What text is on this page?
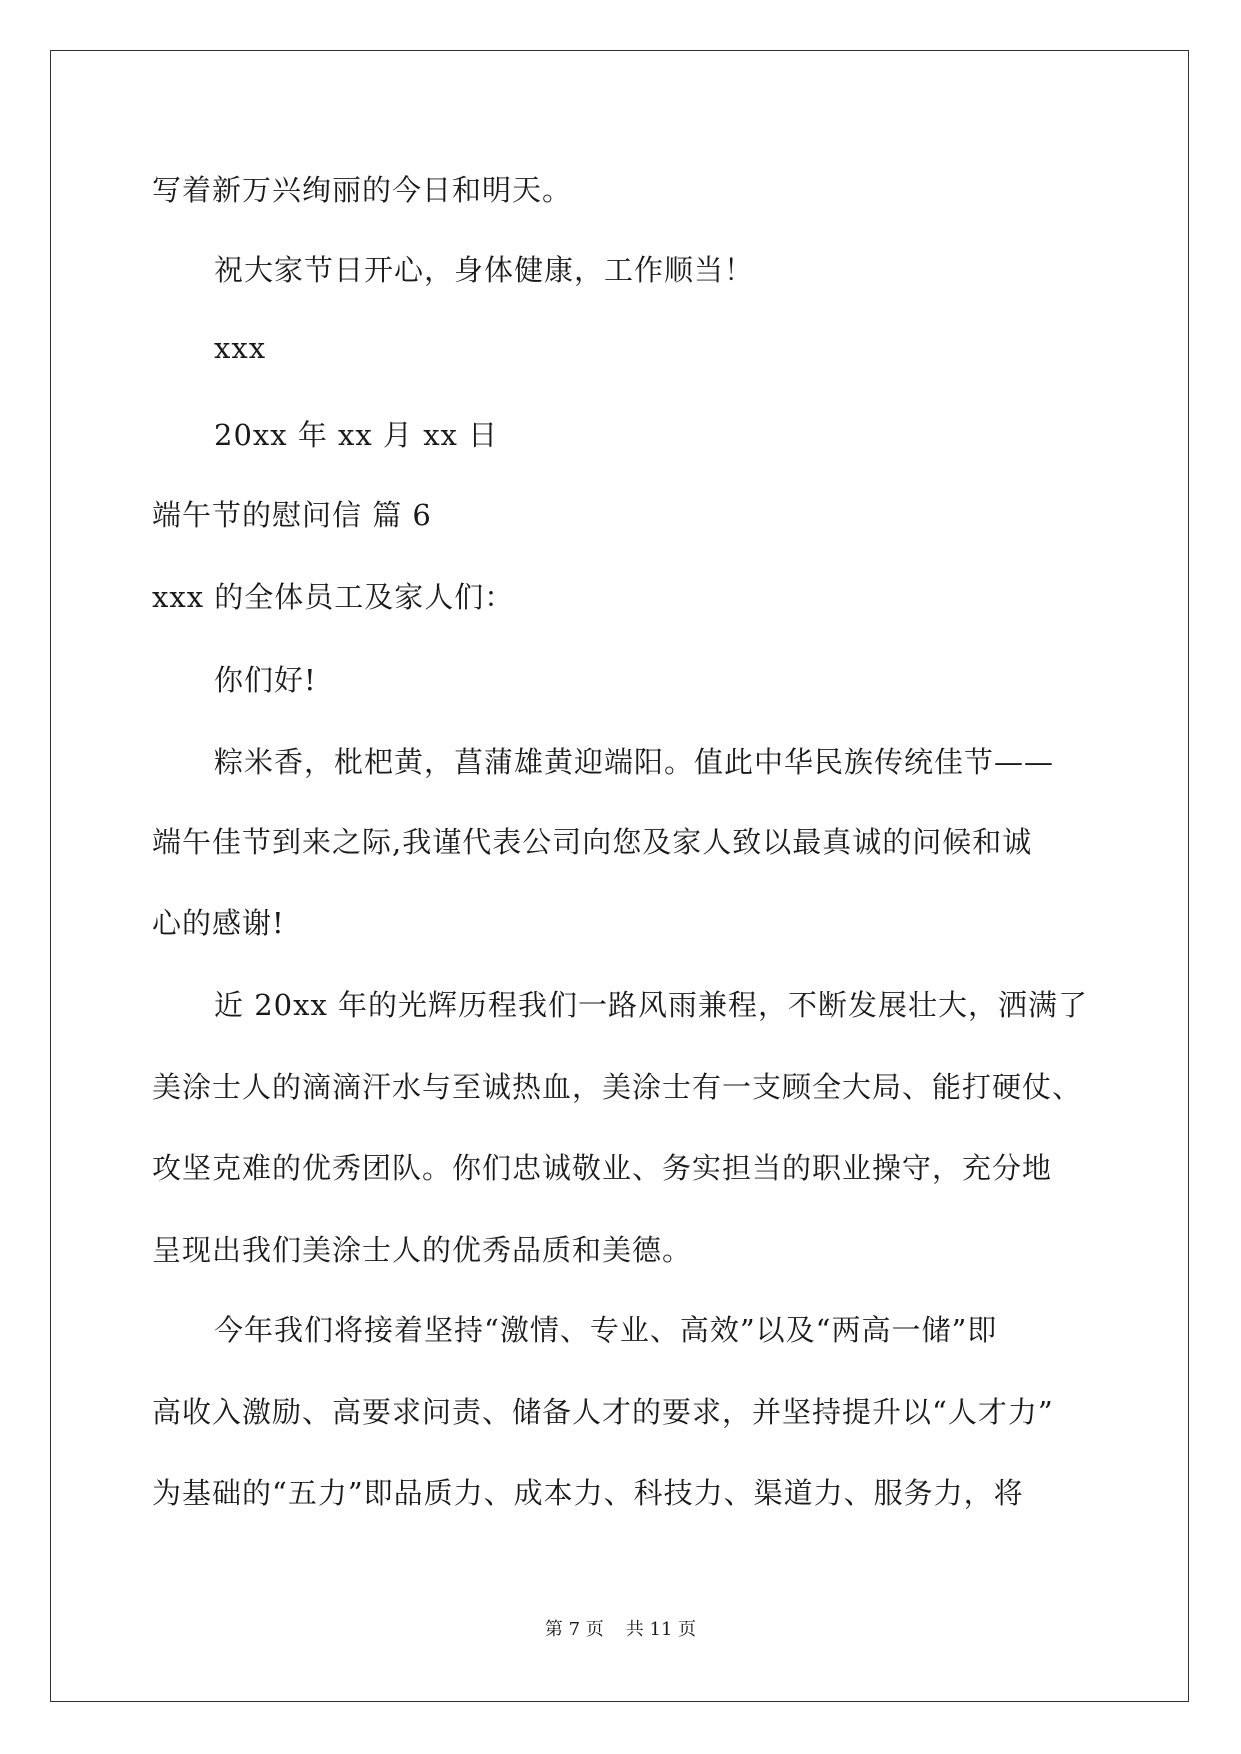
写着新万兴绚丽的今日和明天。
祝大家节日开心，身体健康，工作顺当！
xxx
20xx 年 xx 月 xx 日
端午节的慰问信 篇 6
xxx 的全体员工及家人们：
你们好!
粽米香，枇杷黄，菖蒲雄黄迎端阳。值此中华民族传统佳节——
端午佳节到来之际,我谨代表公司向您及家人致以最真诚的问候和诚
心的感谢!
近 20xx 年的光辉历程我们一路风雨兼程，不断发展壮大，洒满了
美涂士人的滴滴汗水与至诚热血，美涂士有一支顾全大局、能打硬仗、
攻坚克难的优秀团队。你们忠诚敬业、务实担当的职业操守，充分地
呈现出我们美涂士人的优秀品质和美德。
今年我们将接着坚持“激情、专业、高效”以及“两高一储”即
高收入激励、高要求问责、储备人才的要求，并坚持提升以“人才力”
为基础的“五力”即品质力、成本力、科技力、渠道力、服务力，将
第 7 页 共 11 页
